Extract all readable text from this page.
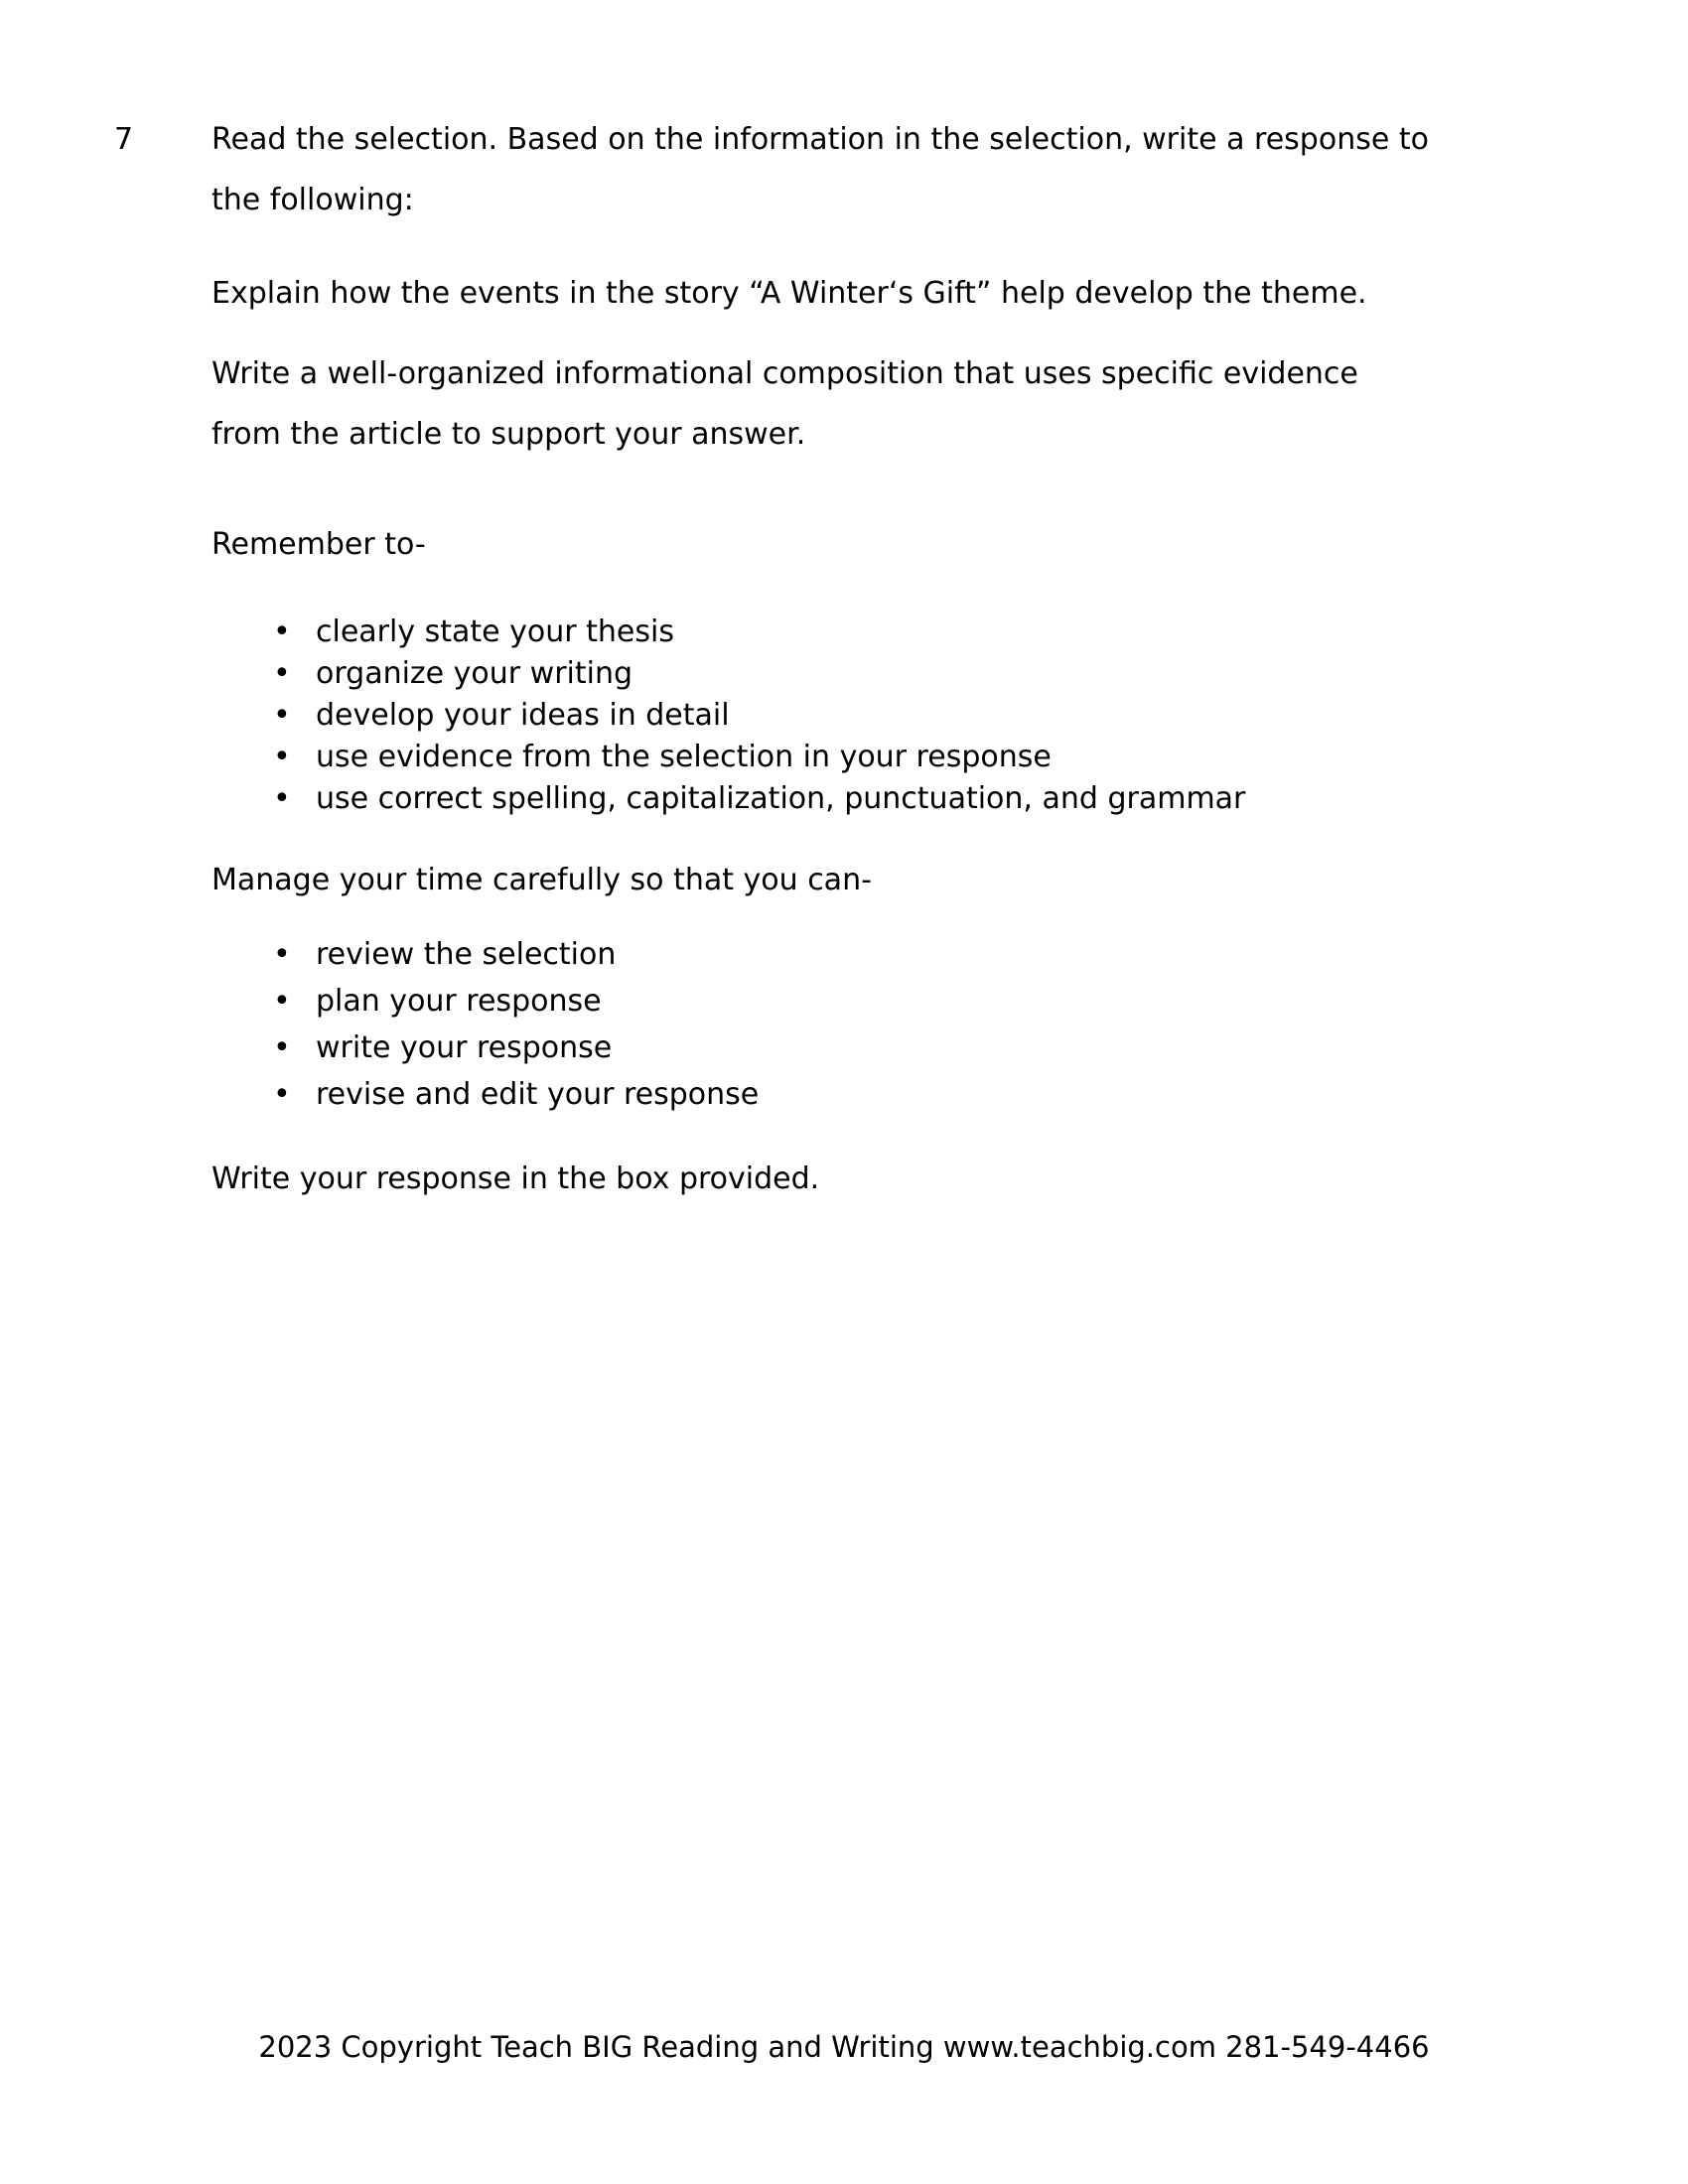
7	Read the selection. Based on the information in the selection, write a response to
the following:
Explain how the events in the story “A Winter‘s Gift” help develop the theme.
Write a well-organized informational composition that uses specific evidence
from the article to support your answer.
Remember to-
• clearly state your thesis
• organize your writing
• develop your ideas in detail
• use evidence from the selection in your response
• use correct spelling, capitalization, punctuation, and grammar
Manage your time carefully so that you can-
• review the selection
• plan your response
• write your response
• revise and edit your response
Write your response in the box provided.
2023 Copyright Teach BIG Reading and Writing www.teachbig.com 281-549-4466
